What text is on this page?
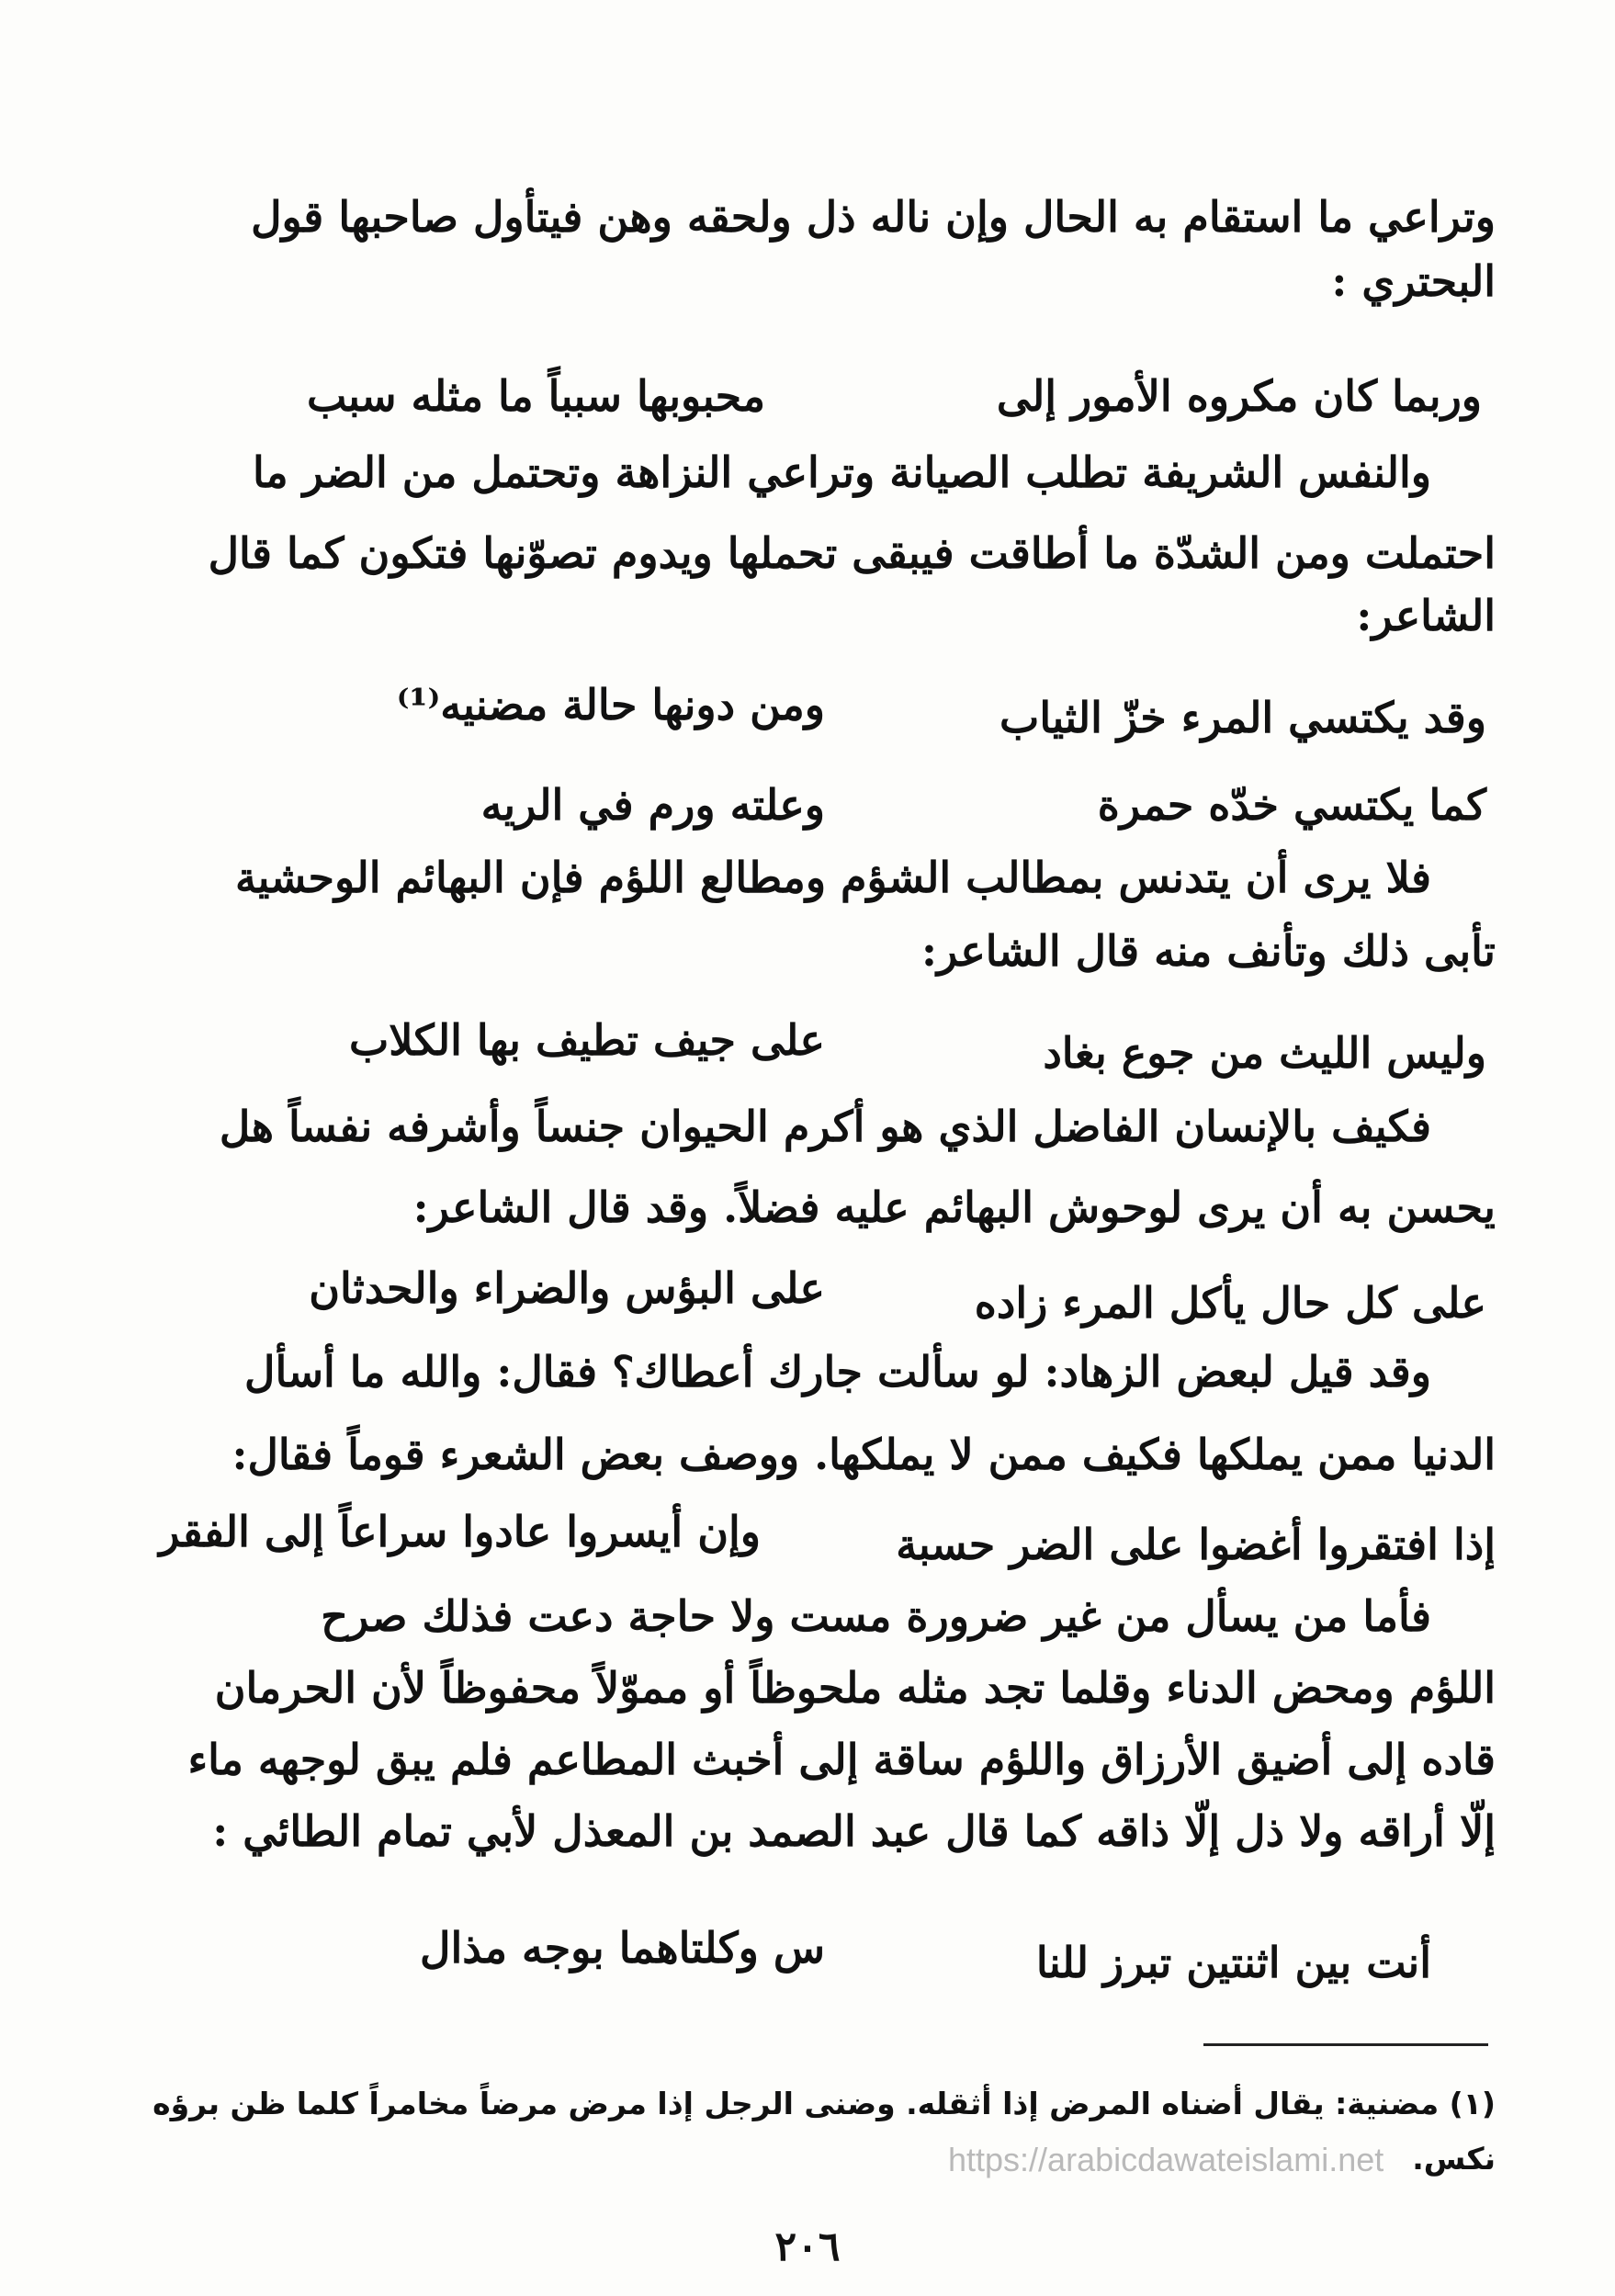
وتراعي ما استقام به الحال وإن ناله ذل ولحقه وهن فيتأول صاحبها قول
البحتري :
وربما كان مكروه الأمور إلى
محبوبها سبباً ما مثله سبب
والنفس الشريفة تطلب الصيانة وتراعي النزاهة وتحتمل من الضر ما
احتملت ومن الشدّة ما أطاقت فيبقى تحملها ويدوم تصوّنها فتكون كما قال
الشاعر:
وقد يكتسي المرء خزّ الثياب
ومن دونها حالة مضنيه⁽¹⁾
كما يكتسي خدّه حمرة
وعلته ورم في الريه
فلا يرى أن يتدنس بمطالب الشؤم ومطالع اللؤم فإن البهائم الوحشية
تأبى ذلك وتأنف منه قال الشاعر:
وليس الليث من جوع بغاد
على جيف تطيف بها الكلاب
فكيف بالإنسان الفاضل الذي هو أكرم الحيوان جنساً وأشرفه نفساً هل
يحسن به أن يرى لوحوش البهائم عليه فضلاً. وقد قال الشاعر:
على كل حال يأكل المرء زاده
على البؤس والضراء والحدثان
وقد قيل لبعض الزهاد: لو سألت جارك أعطاك؟ فقال: والله ما أسأل
الدنيا ممن يملكها فكيف ممن لا يملكها. ووصف بعض الشعرء قوماً فقال:
إذا افتقروا أغضوا على الضر حسبة
وإن أيسروا عادوا سراعاً إلى الفقر
فأما من يسأل من غير ضرورة مست ولا حاجة دعت فذلك صرح
اللؤم ومحض الدناء وقلما تجد مثله ملحوظاً أو مموّلاً محفوظاً لأن الحرمان
قاده إلى أضيق الأرزاق واللؤم ساقة إلى أخبث المطاعم فلم يبق لوجهه ماء
إلّا أراقه ولا ذل إلّا ذاقه كما قال عبد الصمد بن المعذل لأبي تمام الطائي :
أنت بين اثنتين تبرز للنا
س وكلتاهما بوجه مذال
(١) مضنية: يقال أضناه المرض إذا أثقله. وضنى الرجل إذا مرض مرضاً مخامراً كلما ظن برؤه
نكس.
https://arabicdawateislami.net
٢٠٦
